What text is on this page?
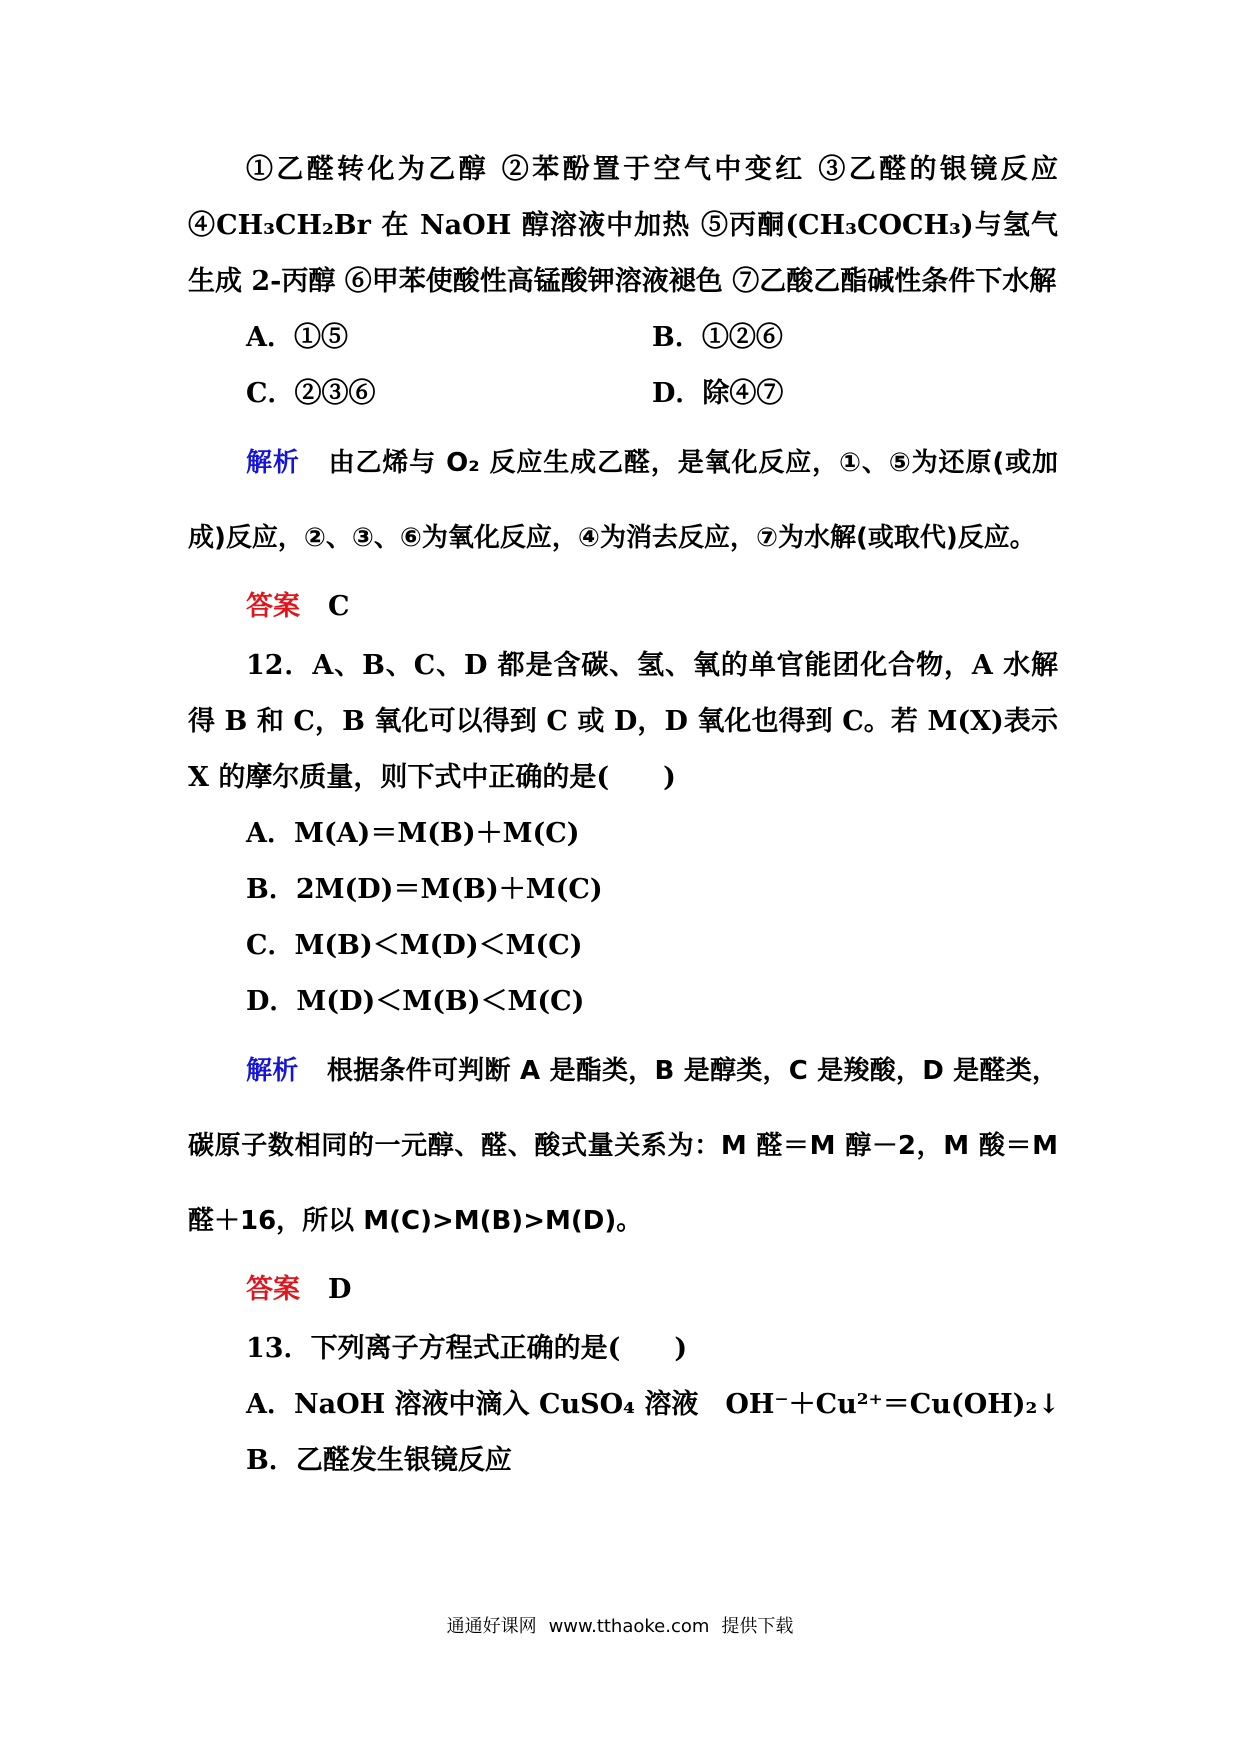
①乙醛转化为乙醇 ②苯酚置于空气中变红 ③乙醛的银镜反应 ④CH₃CH₂Br 在 NaOH 醇溶液中加热 ⑤丙酮(CH₃COCH₃)与氢气生成 2-丙醇 ⑥甲苯使酸性高锰酸钾溶液褪色 ⑦乙酸乙酯碱性条件下水解

A．①⑤	B．①②⑥
C．②③⑥	D．除④⑦

解析 由乙烯与 O₂ 反应生成乙醛，是氧化反应，①、⑤为还原(或加成)反应，②、③、⑥为氧化反应，④为消去反应，⑦为水解(或取代)反应。

答案 C

12．A、B、C、D 都是含碳、氢、氧的单官能团化合物，A 水解得 B 和 C，B 氧化可以得到 C 或 D，D 氧化也得到 C。若 M(X)表示 X 的摩尔质量，则下式中正确的是(　　)

A．M(A)＝M(B)＋M(C)

B．2M(D)＝M(B)＋M(C)

C．M(B)＜M(D)＜M(C)

D．M(D)＜M(B)＜M(C)

解析 根据条件可判断 A 是酯类，B 是醇类，C 是羧酸，D 是醛类，碳原子数相同的一元醇、醛、酸式量关系为：M 醛＝M 醇－2，M 酸＝M 醛＋16，所以 M(C)>M(B)>M(D)。

答案 D

13．下列离子方程式正确的是(　　)

A．NaOH 溶液中滴入 CuSO₄ 溶液　OH⁻＋Cu²⁺＝Cu(OH)₂↓

B．乙醛发生银镜反应

通通好课网 www.tthaoke.com 提供下载
